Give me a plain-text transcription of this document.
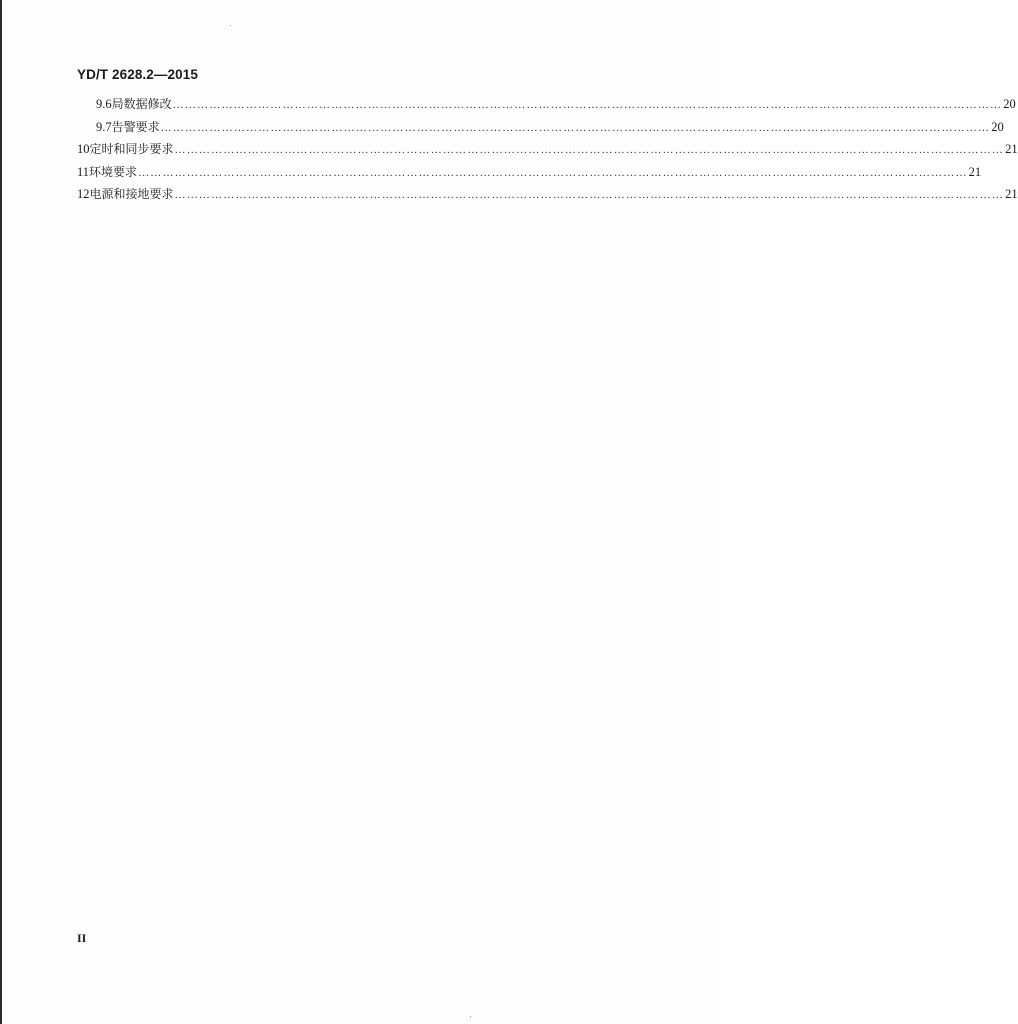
YD/T 2628.2—2015
9.6 局数据修改 …………………………………………………………………………………………………………………………………………………………………………………… 20
9.7 告警要求 …………………………………………………………………………………………………………………………………………………………………………………… 20
10 定时和同步要求 …………………………………………………………………………………………………………………………………………………………………………………… 21
11 环境要求 …………………………………………………………………………………………………………………………………………………………………………………… 21
12 电源和接地要求 …………………………………………………………………………………………………………………………………………………………………………………… 21
II
